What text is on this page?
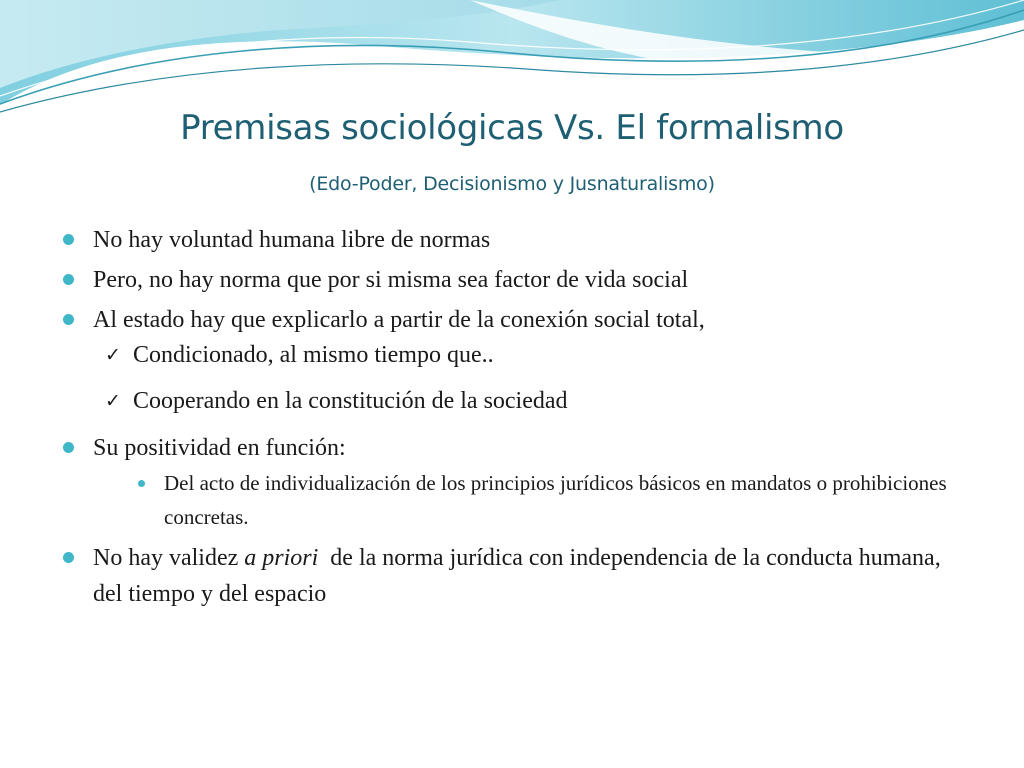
Premisas sociológicas Vs. El formalismo
(Edo-Poder, Decisionismo y Jusnaturalismo)
No hay voluntad humana libre de normas
Pero, no hay norma que por si misma sea factor de vida social
Al estado hay que explicarlo a partir de la conexión social total,
✓ Condicionado, al mismo tiempo que..
✓ Cooperando en la constitución de la sociedad
Su positividad en función:
Del acto de individualización de los principios jurídicos básicos en mandatos o prohibiciones concretas.
No hay validez a priori  de la norma jurídica con independencia de la conducta humana, del tiempo y del espacio
